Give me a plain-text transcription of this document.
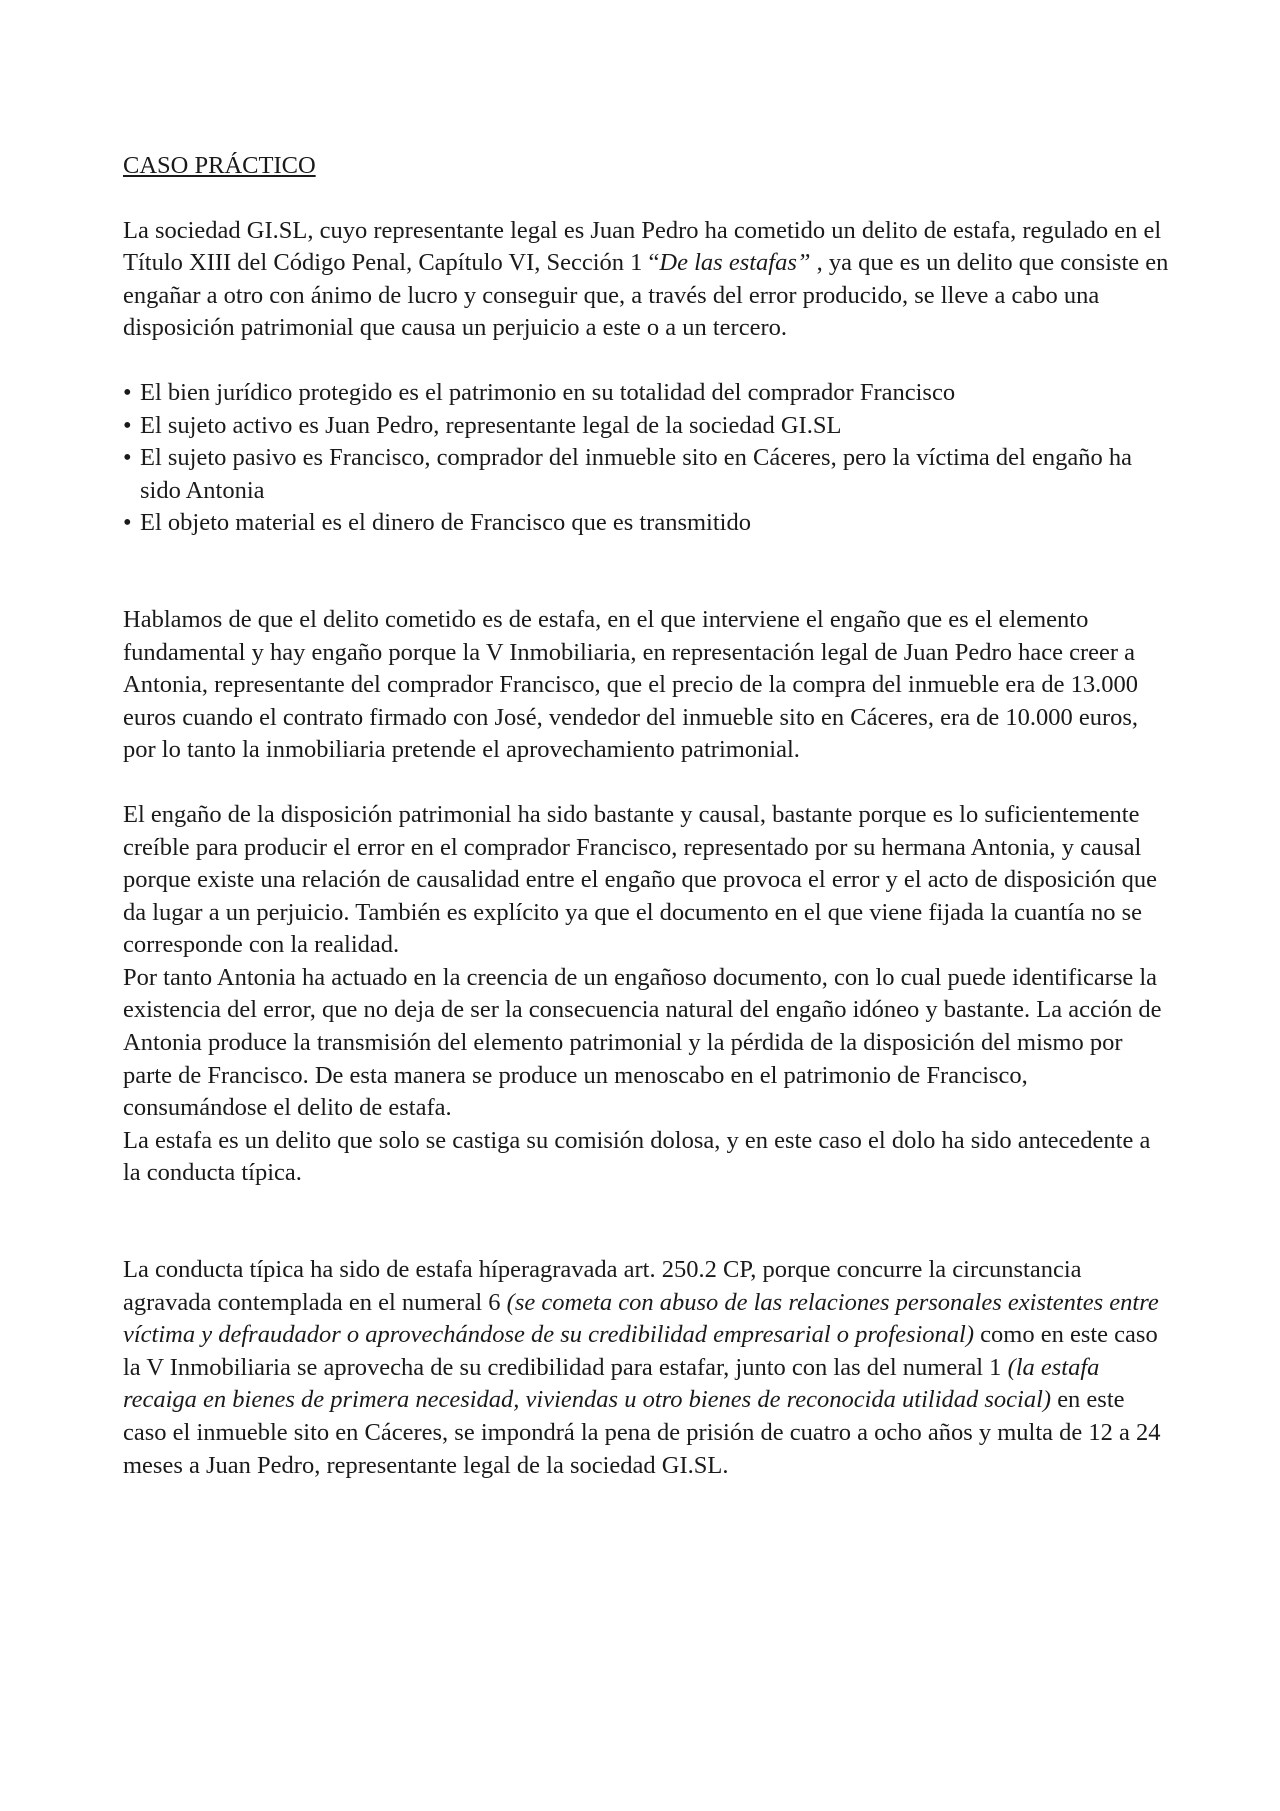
CASO PRÁCTICO

La sociedad GI.SL, cuyo representante legal es Juan Pedro ha cometido un delito de estafa, regulado en el Título XIII del Código Penal, Capítulo VI, Sección 1 “De las estafas” , ya que es un delito que consiste en engañar a otro con ánimo de lucro y conseguir que, a través del error producido, se lleve a cabo una disposición patrimonial que causa un perjuicio a este o a un tercero.

• El bien jurídico protegido es el patrimonio en su totalidad del comprador Francisco
• El sujeto activo es Juan Pedro, representante legal de la sociedad GI.SL
• El sujeto pasivo es Francisco, comprador del inmueble sito en Cáceres, pero la víctima del engaño ha sido Antonia
• El objeto material es el dinero de Francisco que es transmitido

Hablamos de que el delito cometido es de estafa, en el que interviene el engaño que es el elemento fundamental y hay engaño porque la V Inmobiliaria, en representación legal de Juan Pedro hace creer a Antonia, representante del comprador Francisco, que el precio de la compra del inmueble era de 13.000 euros cuando el contrato firmado con José, vendedor del inmueble sito en Cáceres, era de 10.000 euros, por lo tanto la inmobiliaria pretende el aprovechamiento patrimonial.

El engaño de la disposición patrimonial ha sido bastante y causal, bastante porque es lo suficientemente creíble para producir el error en el comprador Francisco, representado por su hermana Antonia, y causal porque existe una relación de causalidad entre el engaño que provoca el error y el acto de disposición que da lugar a un perjuicio. También es explícito ya que el documento en el que viene fijada la cuantía no se corresponde con la realidad.

Por tanto Antonia ha actuado en la creencia de un engañoso documento, con lo cual puede identificarse la existencia del error, que no deja de ser la consecuencia natural del engaño idóneo y bastante. La acción de Antonia produce la transmisión del elemento patrimonial y la pérdida de la disposición del mismo por parte de Francisco. De esta manera se produce un menoscabo en el patrimonio de Francisco, consumándose el delito de estafa.

La estafa es un delito que solo se castiga su comisión dolosa, y en este caso el dolo ha sido antecedente a la conducta típica.

La conducta típica ha sido de estafa híperagravada art. 250.2 CP, porque concurre la circunstancia agravada contemplada en el numeral 6 (se cometa con abuso de las relaciones personales existentes entre víctima y defraudador o aprovechándose de su credibilidad empresarial o profesional) como en este caso la V Inmobiliaria se aprovecha de su credibilidad para estafar, junto con las del numeral 1 (la estafa recaiga en bienes de primera necesidad, viviendas u otro bienes de reconocida utilidad social) en este caso el inmueble sito en Cáceres, se impondrá la pena de prisión de cuatro a ocho años y multa de 12 a 24 meses a Juan Pedro, representante legal de la sociedad GI.SL.
